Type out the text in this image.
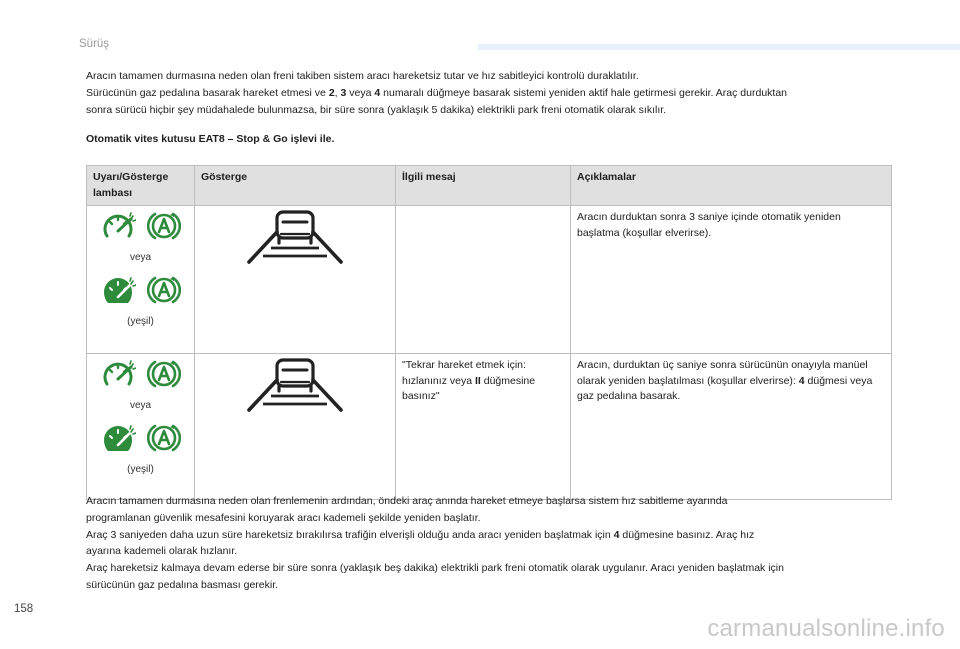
Sürüş

Aracın tamamen durmasına neden olan freni takiben sistem aracı hareketsiz tutar ve hız sabitleyici kontrolü duraklatılır.
Sürücünün gaz pedalına basarak hareket etmesi ve 2, 3 veya 4 numaralı düğmeye basarak sistemi yeniden aktif hale getirmesi gerekir. Araç durduktan
sonra sürücü hiçbir şey müdahalede bulunmazsa, bir süre sonra (yaklaşık 5 dakika) elektrikli park freni otomatik olarak sıkılır.

Otomatik vites kutusu EAT8 – Stop & Go işlevi ile.

Uyarı/Gösterge lambası	Gösterge	İlgili mesaj	Açıklamalar

veya
(yeşil)			Aracın durduktan sonra 3 saniye içinde otomatik yeniden başlatma (koşullar elverirse).

veya
(yeşil)		"Tekrar hareket etmek için: hızlanınız veya II düğmesine basınız"	Aracın, durduktan üç saniye sonra sürücünün onayıyla manüel olarak yeniden başlatılması (koşullar elverirse): 4 düğmesi veya gaz pedalına basarak.

Aracın tamamen durmasına neden olan frenlemenin ardından, öndeki araç anında hareket etmeye başlarsa sistem hız sabitleme ayarında
programlanan güvenlik mesafesini koruyarak aracı kademeli şekilde yeniden başlatır.
Araç 3 saniyeden daha uzun süre hareketsiz bırakılırsa trafiğin elverişli olduğu anda aracı yeniden başlatmak için 4 düğmesine basınız. Araç hız
ayarına kademeli olarak hızlanır.
Araç hareketsiz kalmaya devam ederse bir süre sonra (yaklaşık beş dakika) elektrikli park freni otomatik olarak uygulanır. Aracı yeniden başlatmak için
sürücünün gaz pedalına basması gerekir.

158
carmanualsonline.info
